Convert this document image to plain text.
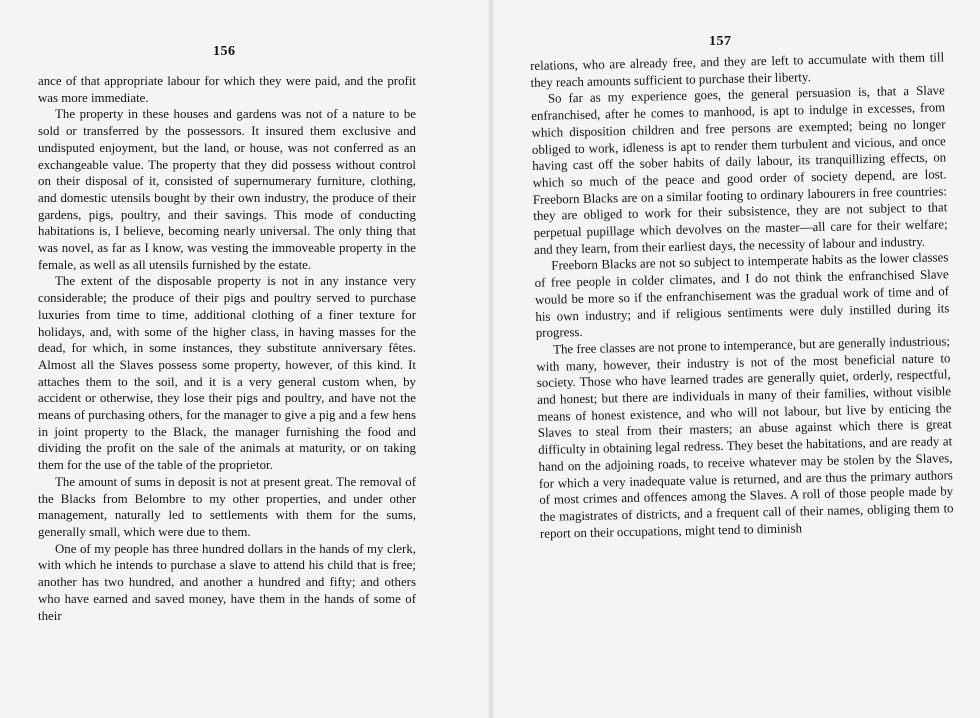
156

ance of that appropriate labour for which they were paid, and the profit was more immediate.

The property in these houses and gardens was not of a nature to be sold or transferred by the possessors. It insured them exclusive and undisputed enjoyment, but the land, or house, was not conferred as an exchangeable value. The property that they did possess without control on their disposal of it, consisted of supernumerary furniture, clothing, and domestic utensils bought by their own industry, the produce of their gardens, pigs, poultry, and their savings. This mode of conducting habitations is, I believe, becoming nearly universal. The only thing that was novel, as far as I know, was vesting the immoveable property in the female, as well as all utensils furnished by the estate.

The extent of the disposable property is not in any instance very considerable; the produce of their pigs and poultry served to purchase luxuries from time to time, additional clothing of a finer texture for holidays, and, with some of the higher class, in having masses for the dead, for which, in some instances, they substitute anniversary fêtes. Almost all the Slaves possess some property, however, of this kind. It attaches them to the soil, and it is a very general custom when, by accident or otherwise, they lose their pigs and poultry, and have not the means of purchasing others, for the manager to give a pig and a few hens in joint property to the Black, the manager furnishing the food and dividing the profit on the sale of the animals at maturity, or on taking them for the use of the table of the proprietor.

The amount of sums in deposit is not at present great. The removal of the Blacks from Belombre to my other properties, and under other management, naturally led to settlements with them for the sums, generally small, which were due to them.

One of my people has three hundred dollars in the hands of my clerk, with which he intends to purchase a slave to attend his child that is free; another has two hundred, and another a hundred and fifty; and others who have earned and saved money, have them in the hands of some of their

157

relations, who are already free, and they are left to accumulate with them till they reach amounts sufficient to purchase their liberty.

So far as my experience goes, the general persuasion is, that a Slave enfranchised, after he comes to manhood, is apt to indulge in excesses, from which disposition children and free persons are exempted; being no longer obliged to work, idleness is apt to render them turbulent and vicious, and once having cast off the sober habits of daily labour, its tranquillizing effects, on which so much of the peace and good order of society depend, are lost. Freeborn Blacks are on a similar footing to ordinary labourers in free countries: they are obliged to work for their subsistence, they are not subject to that perpetual pupillage which devolves on the master—all care for their welfare; and they learn, from their earliest days, the necessity of labour and industry.

Freeborn Blacks are not so subject to intemperate habits as the lower classes of free people in colder climates, and I do not think the enfranchised Slave would be more so if the enfranchisement was the gradual work of time and of his own industry; and if religious sentiments were duly instilled during its progress.

The free classes are not prone to intemperance, but are generally industrious; with many, however, their industry is not of the most beneficial nature to society. Those who have learned trades are generally quiet, orderly, respectful, and honest; but there are individuals in many of their families, without visible means of honest existence, and who will not labour, but live by enticing the Slaves to steal from their masters; an abuse against which there is great difficulty in obtaining legal redress. They beset the habitations, and are ready at hand on the adjoining roads, to receive whatever may be stolen by the Slaves, for which a very inadequate value is returned, and are thus the primary authors of most crimes and offences among the Slaves. A roll of those people made by the magistrates of districts, and a frequent call of their names, obliging them to report on their occupations, might tend to diminish
